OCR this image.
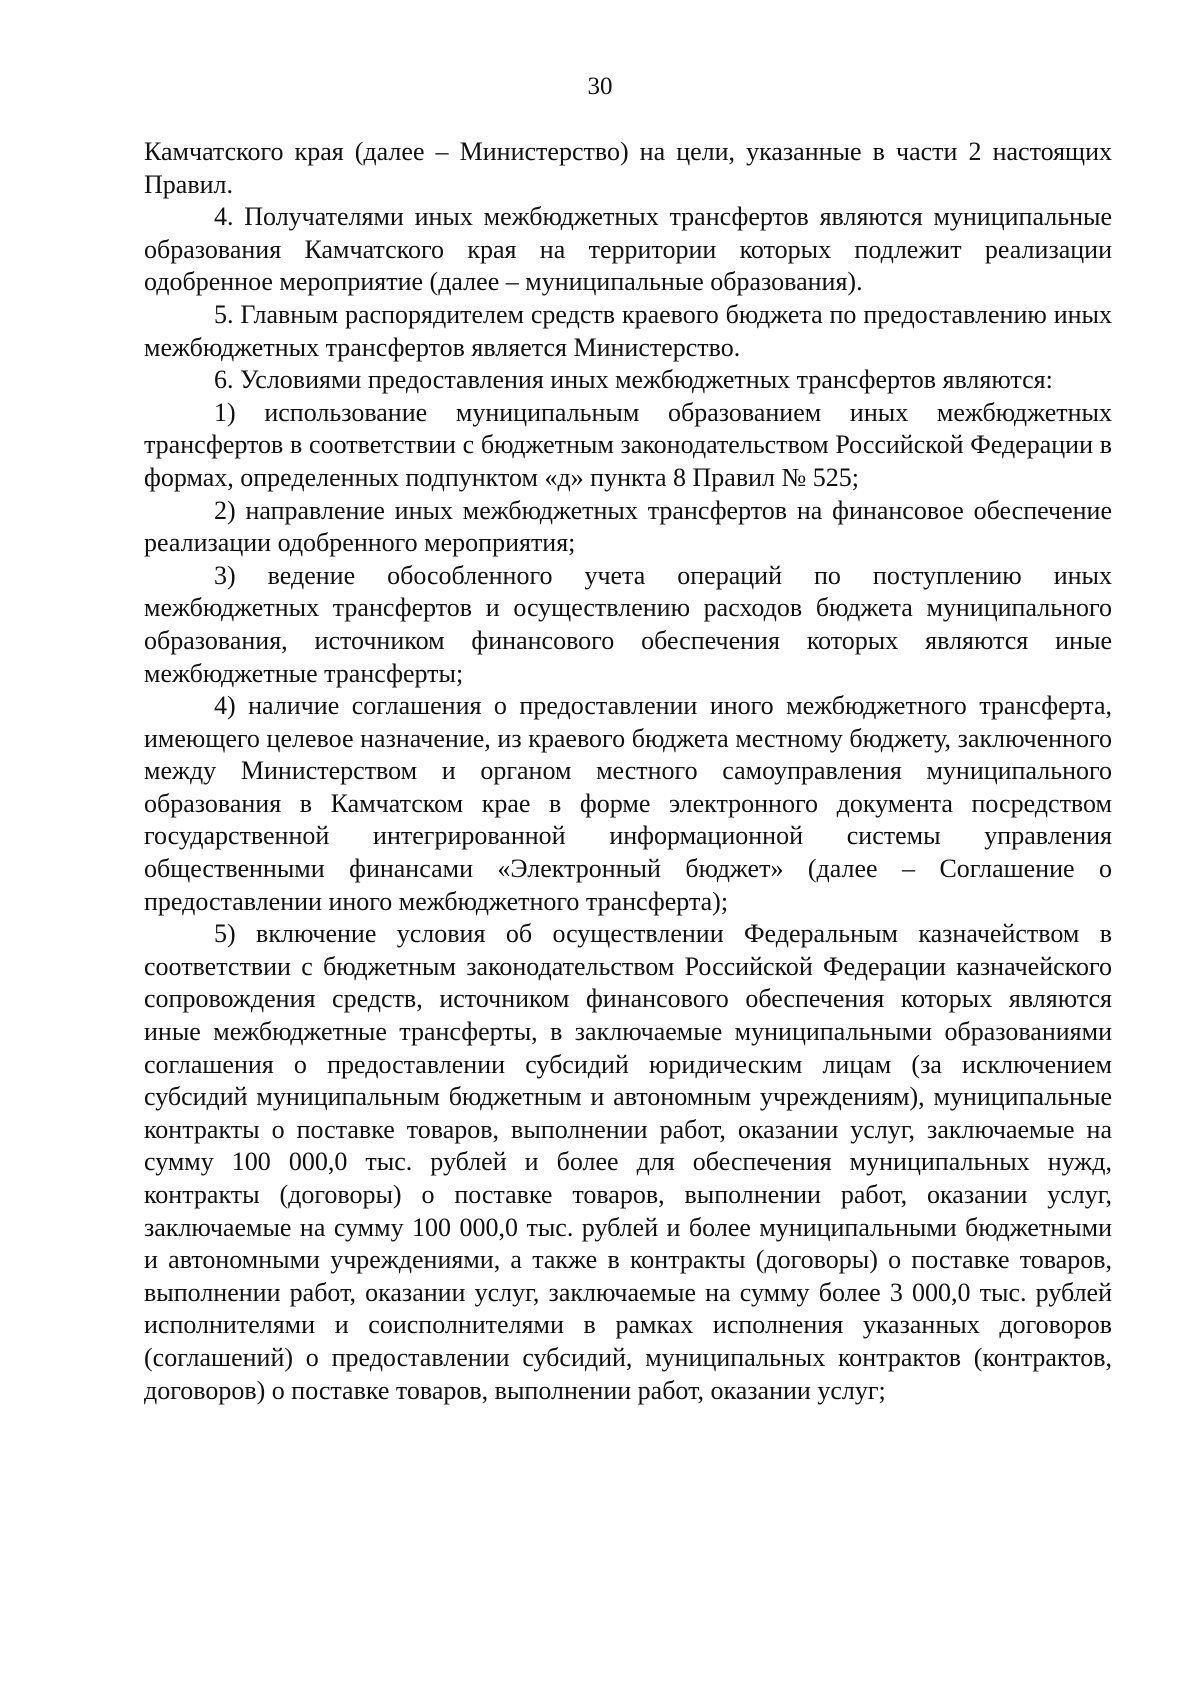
30

Камчатского края (далее – Министерство) на цели, указанные в части 2 настоящих Правил.

4. Получателями иных межбюджетных трансфертов являются муниципальные образования Камчатского края на территории которых подлежит реализации одобренное мероприятие (далее – муниципальные образования).

5. Главным распорядителем средств краевого бюджета по предоставлению иных межбюджетных трансфертов является Министерство.

6. Условиями предоставления иных межбюджетных трансфертов являются:

1) использование муниципальным образованием иных межбюджетных трансфертов в соответствии с бюджетным законодательством Российской Федерации в формах, определенных подпунктом «д» пункта 8 Правил № 525;

2) направление иных межбюджетных трансфертов на финансовое обеспечение реализации одобренного мероприятия;

3) ведение обособленного учета операций по поступлению иных межбюджетных трансфертов и осуществлению расходов бюджета муниципального образования, источником финансового обеспечения которых являются иные межбюджетные трансферты;

4) наличие соглашения о предоставлении иного межбюджетного трансферта, имеющего целевое назначение, из краевого бюджета местному бюджету, заключенного между Министерством и органом местного самоуправления муниципального образования в Камчатском крае в форме электронного документа посредством государственной интегрированной информационной системы управления общественными финансами «Электронный бюджет» (далее – Соглашение о предоставлении иного межбюджетного трансферта);

5) включение условия об осуществлении Федеральным казначейством в соответствии с бюджетным законодательством Российской Федерации казначейского сопровождения средств, источником финансового обеспечения которых являются иные межбюджетные трансферты, в заключаемые муниципальными образованиями соглашения о предоставлении субсидий юридическим лицам (за исключением субсидий муниципальным бюджетным и автономным учреждениям), муниципальные контракты о поставке товаров, выполнении работ, оказании услуг, заключаемые на сумму 100 000,0 тыс. рублей и более для обеспечения муниципальных нужд, контракты (договоры) о поставке товаров, выполнении работ, оказании услуг, заключаемые на сумму 100 000,0 тыс. рублей и более муниципальными бюджетными и автономными учреждениями, а также в контракты (договоры) о поставке товаров, выполнении работ, оказании услуг, заключаемые на сумму более 3 000,0 тыс. рублей исполнителями и соисполнителями в рамках исполнения указанных договоров (соглашений) о предоставлении субсидий, муниципальных контрактов (контрактов, договоров) о поставке товаров, выполнении работ, оказании услуг;
